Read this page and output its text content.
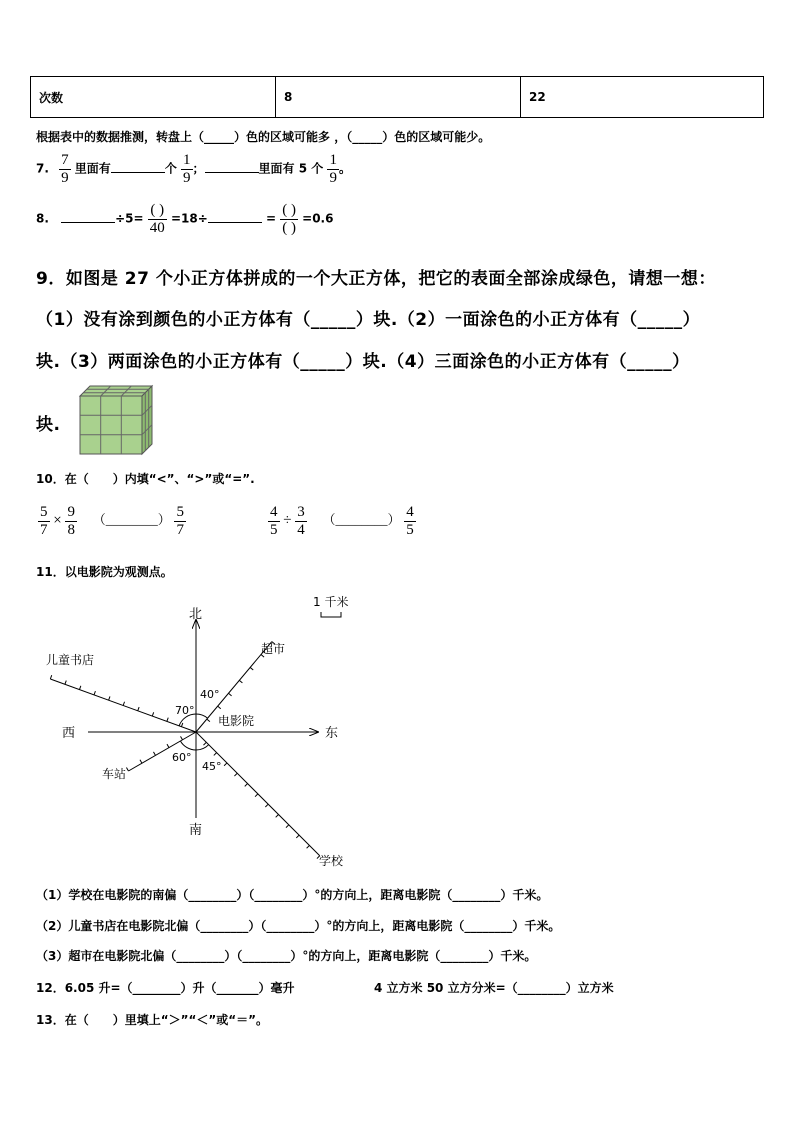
次数	8	22
根据表中的数据推测，转盘上（_____）色的区域可能多 ，（_____）色的区域可能少。
7. $\frac{7}{9}$ 里面有	个 $\frac{1}{9}$ ；	里面有 5 个 $\frac{1}{9}$ 。
8.	$\div 5= \frac{( )}{40} =18\div$	= $\frac{( )}{( )} =0.6$
9．如图是 27 个小正方体拼成的一个大正方体，把它的表面全部涂成绿色，请想一想：
（1）没有涂到颜色的小正方体有（_____）块.（2）一面涂色的小正方体有（_____）
块.（3）两面涂色的小正方体有（_____）块.（4）三面涂色的小正方体有（_____）
块.
10．在（　　）内填“<”、“>”或“=”.
$\frac{5}{7} \times \frac{9}{8}$ （________） $\frac{5}{7}$	$\frac{4}{5} \div \frac{3}{4}$ （________） $\frac{4}{5}$
11．以电影院为观测点。
北
南
东
西
电影院
超市
儿童书店
车站
学校
40°
70°
60°
45°
1 千米
（1）学校在电影院的南偏（________）（________）°的方向上，距离电影院（________）千米。
（2）儿童书店在电影院北偏（________）（________）°的方向上，距离电影院（________）千米。
（3）超市在电影院北偏（________）（________）°的方向上，距离电影院（________）千米。
12．6.05 升=（________）升（_______）毫升	4 立方米 50 立方分米=（________）立方米
13．在（　　）里填上“＞”“＜”或“＝”。
